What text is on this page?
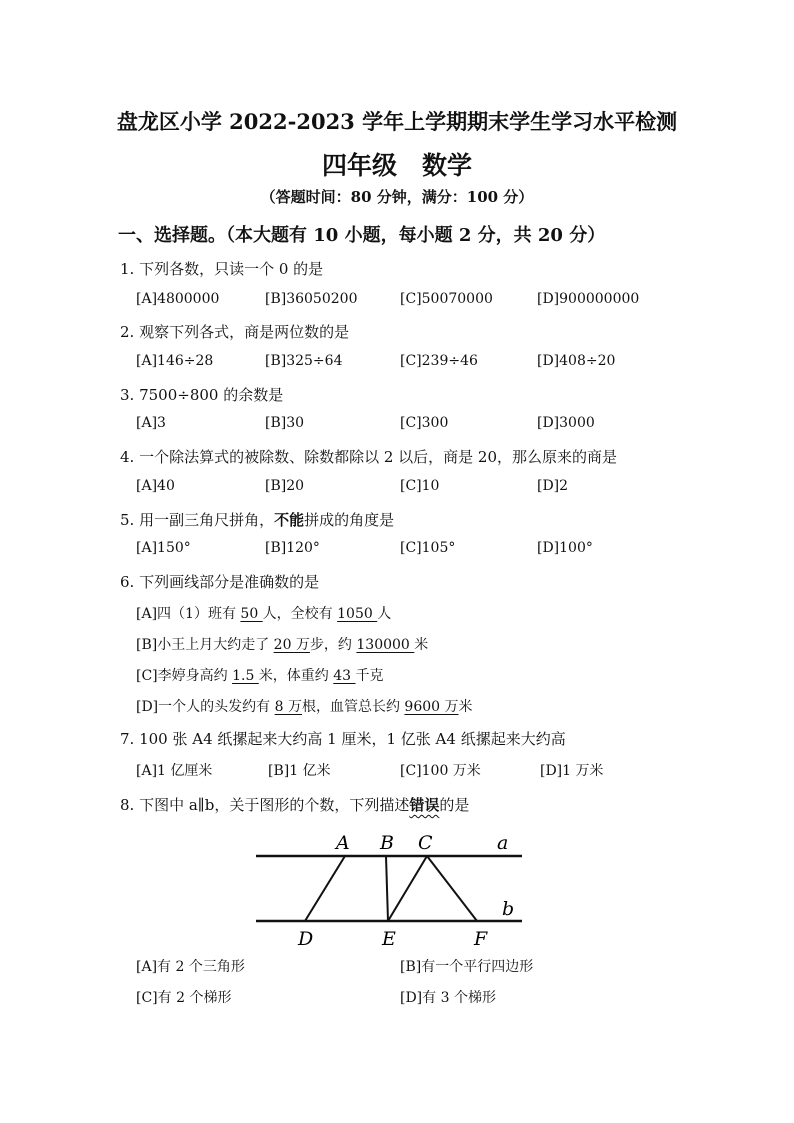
盘龙区小学 2022-2023 学年上学期期末学生学习水平检测
四年级　数学
（答题时间：80 分钟，满分：100 分）
一、选择题。（本大题有 10 小题，每小题 2 分，共 20 分）
1. 下列各数，只读一个 0 的是
[A]4800000	[B]36050200	[C]50070000	[D]900000000
2. 观察下列各式，商是两位数的是
[A]146÷28	[B]325÷64	[C]239÷46	[D]408÷20
3. 7500÷800 的余数是
[A]3	[B]30	[C]300	[D]3000
4. 一个除法算式的被除数、除数都除以 2 以后，商是 20，那么原来的商是
[A]40	[B]20	[C]10	[D]2
5. 用一副三角尺拼角，不能拼成的角度是
[A]150°	[B]120°	[C]105°	[D]100°
6. 下列画线部分是准确数的是
[A]四（1）班有 50 人，全校有 1050 人
[B]小王上月大约走了 20 万步，约 130000 米
[C]李婷身高约 1.5 米，体重约 43 千克
[D]一个人的头发约有 8 万根，血管总长约 9600 万米
7. 100 张 A4 纸摞起来大约高 1 厘米，1 亿张 A4 纸摞起来大约高
[A]1 亿厘米	[B]1 亿米	[C]100 万米	[D]1 万米
8. 下图中 a∥b，关于图形的个数，下列描述错误的是
A B C	a
b
D	E	F
[A]有 2 个三角形	[B]有一个平行四边形
[C]有 2 个梯形	[D]有 3 个梯形
